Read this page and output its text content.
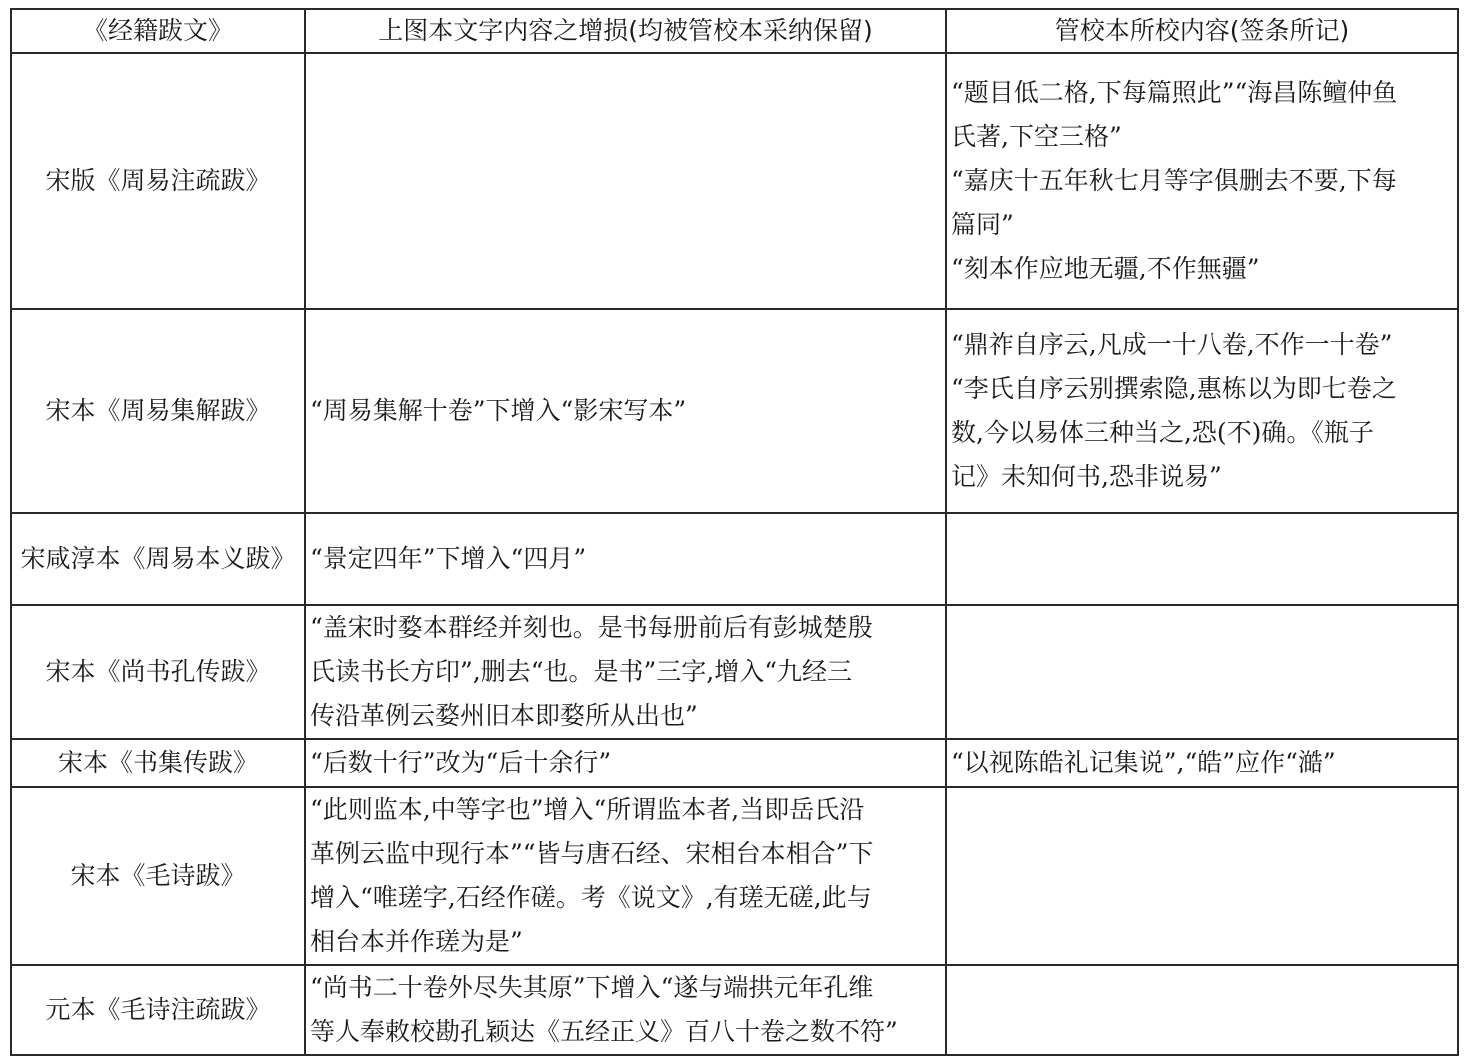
《经籍跋文》	上图本文字内容之增损(均被管校本采纳保留)	管校本所校内容(签条所记)
宋版《周易注疏跋》		“题目低二格,下每篇照此”“海昌陈鳣仲鱼
氏著,下空三格”
“嘉庆十五年秋七月等字俱删去不要,下每
篇同”
“刻本作应地无疆,不作無疆”

宋本《周易集解跋》	“周易集解十卷”下增入“影宋写本”	“鼎祚自序云,凡成一十八卷,不作一十卷”
“李氏自序云别撰索隐,惠栋以为即七卷之
数,今以易体三种当之,恐(不)确。《瓶子
记》未知何书,恐非说易”

宋咸淳本《周易本义跋》	“景定四年”下增入“四月”	

宋本《尚书孔传跋》	“盖宋时婺本群经并刻也。是书每册前后有彭城楚殷
氏读书长方印”,删去“也。是书”三字,增入“九经三
传沿革例云婺州旧本即婺所从出也”	

宋本《书集传跋》	“后数十行”改为“后十余行”	“以视陈皓礼记集说”,“皓”应作“澔”

宋本《毛诗跋》	“此则监本,中等字也”增入“所谓监本者,当即岳氏沿
革例云监中现行本”“皆与唐石经、宋相台本相合”下
增入“唯瑳字,石经作磋。考《说文》,有瑳无磋,此与
相台本并作瑳为是”	

元本《毛诗注疏跋》	“尚书二十卷外尽失其原”下增入“遂与端拱元年孔维
等人奉敕校勘孔颖达《五经正义》百八十卷之数不符”	
